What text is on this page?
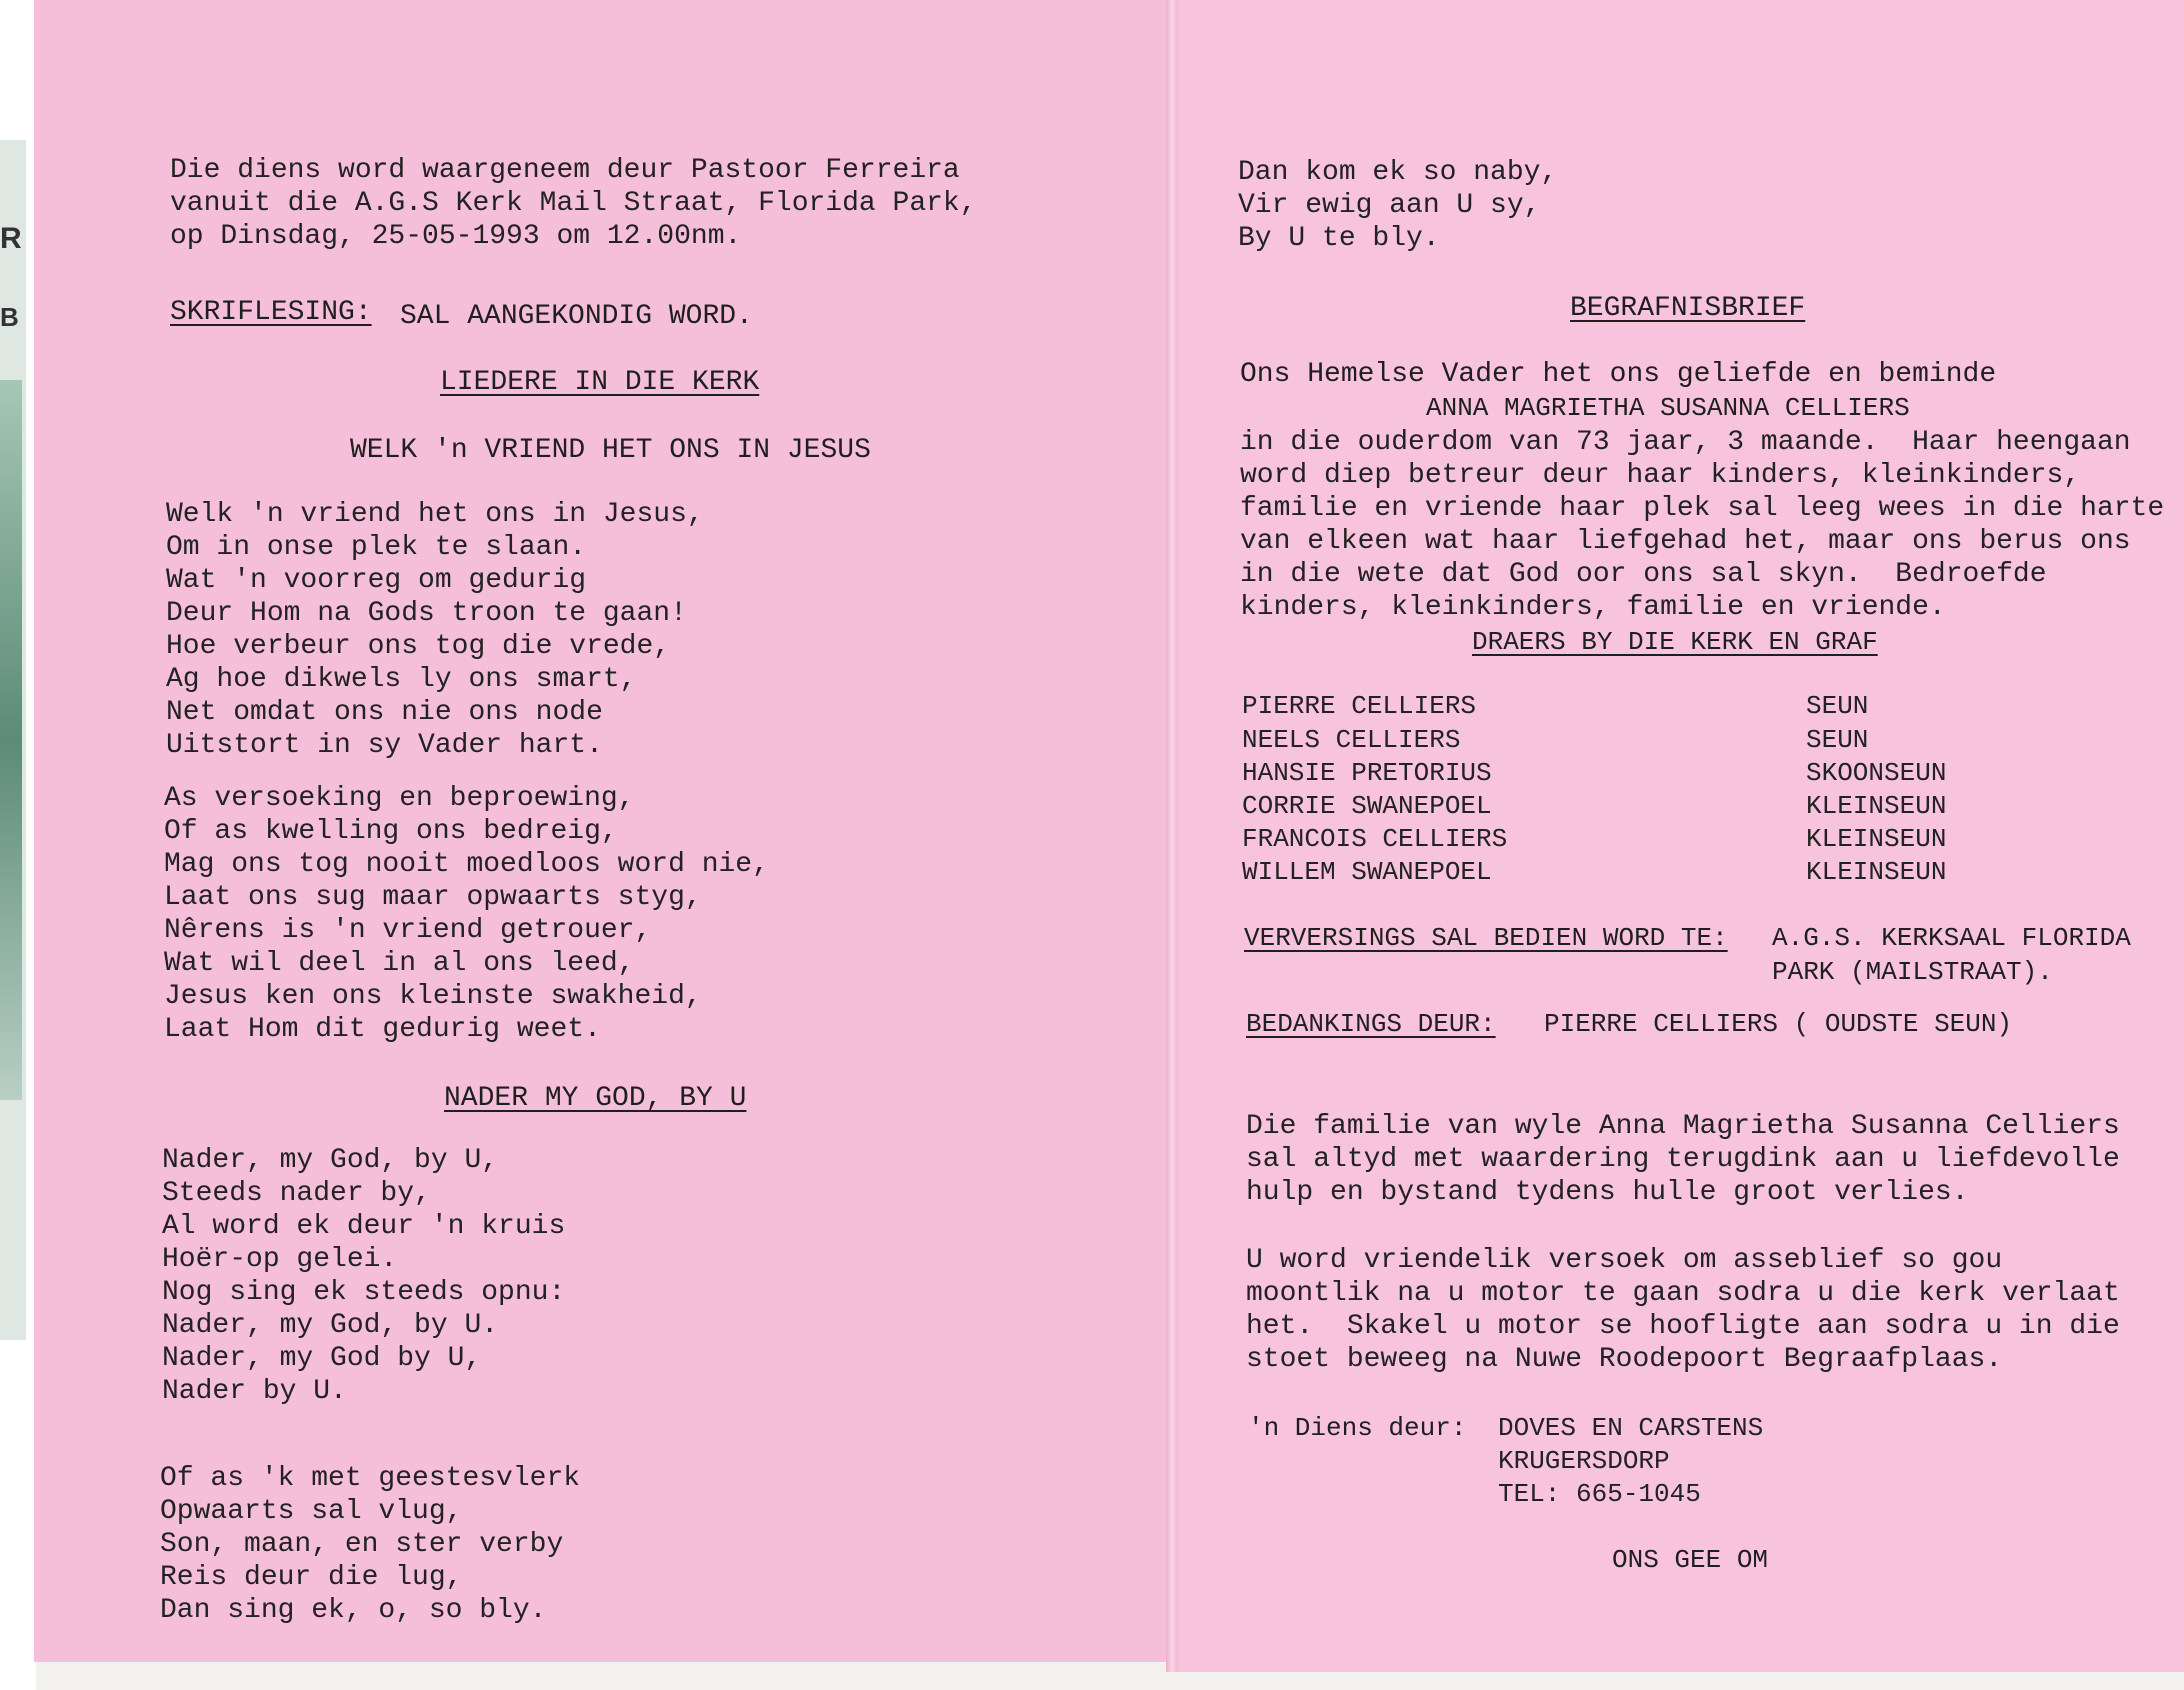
R
B
Die diens word waargeneem deur Pastoor Ferreira
vanuit die A.G.S Kerk Mail Straat, Florida Park,
op Dinsdag, 25-05-1993 om 12.00nm.
SKRIFLESING: SAL AANGEKONDIG WORD.
LIEDERE IN DIE KERK
WELK 'n VRIEND HET ONS IN JESUS
Welk 'n vriend het ons in Jesus,
Om in onse plek te slaan.
Wat 'n voorreg om gedurig
Deur Hom na Gods troon te gaan!
Hoe verbeur ons tog die vrede,
Ag hoe dikwels ly ons smart,
Net omdat ons nie ons node
Uitstort in sy Vader hart.
As versoeking en beproewing,
Of as kwelling ons bedreig,
Mag ons tog nooit moedloos word nie,
Laat ons sug maar opwaarts styg,
Nêrens is 'n vriend getrouer,
Wat wil deel in al ons leed,
Jesus ken ons kleinste swakheid,
Laat Hom dit gedurig weet.
NADER MY GOD, BY U
Nader, my God, by U,
Steeds nader by,
Al word ek deur 'n kruis
Hoër-op gelei.
Nog sing ek steeds opnu:
Nader, my God, by U.
Nader, my God by U,
Nader by U.
Of as 'k met geestesvlerk
Opwaarts sal vlug,
Son, maan, en ster verby
Reis deur die lug,
Dan sing ek, o, so bly.
Dan kom ek so naby,
Vir ewig aan U sy,
By U te bly.
BEGRAFNISBRIEF
Ons Hemelse Vader het ons geliefde en beminde
ANNA MAGRIETHA SUSANNA CELLIERS
in die ouderdom van 73 jaar, 3 maande.  Haar heengaan
word diep betreur deur haar kinders, kleinkinders,
familie en vriende haar plek sal leeg wees in die harte
van elkeen wat haar liefgehad het, maar ons berus ons
in die wete dat God oor ons sal skyn.  Bedroefde
kinders, kleinkinders, familie en vriende.
DRAERS BY DIE KERK EN GRAF
PIERRE CELLIERS	SEUN
NEELS CELLIERS	SEUN
HANSIE PRETORIUS	SKOONSEUN
CORRIE SWANEPOEL	KLEINSEUN
FRANCOIS CELLIERS	KLEINSEUN
WILLEM SWANEPOEL	KLEINSEUN
VERVERSINGS SAL BEDIEN WORD TE: A.G.S. KERKSAAL FLORIDA
PARK (MAILSTRAAT).
BEDANKINGS DEUR: PIERRE CELLIERS ( OUDSTE SEUN)
Die familie van wyle Anna Magrietha Susanna Celliers
sal altyd met waardering terugdink aan u liefdevolle
hulp en bystand tydens hulle groot verlies.
U word vriendelik versoek om asseblief so gou
moontlik na u motor te gaan sodra u die kerk verlaat
het.  Skakel u motor se hoofligte aan sodra u in die
stoet beweeg na Nuwe Roodepoort Begraafplaas.
'n Diens deur: DOVES EN CARSTENS
KRUGERSDORP
TEL: 665-1045
ONS GEE OM
